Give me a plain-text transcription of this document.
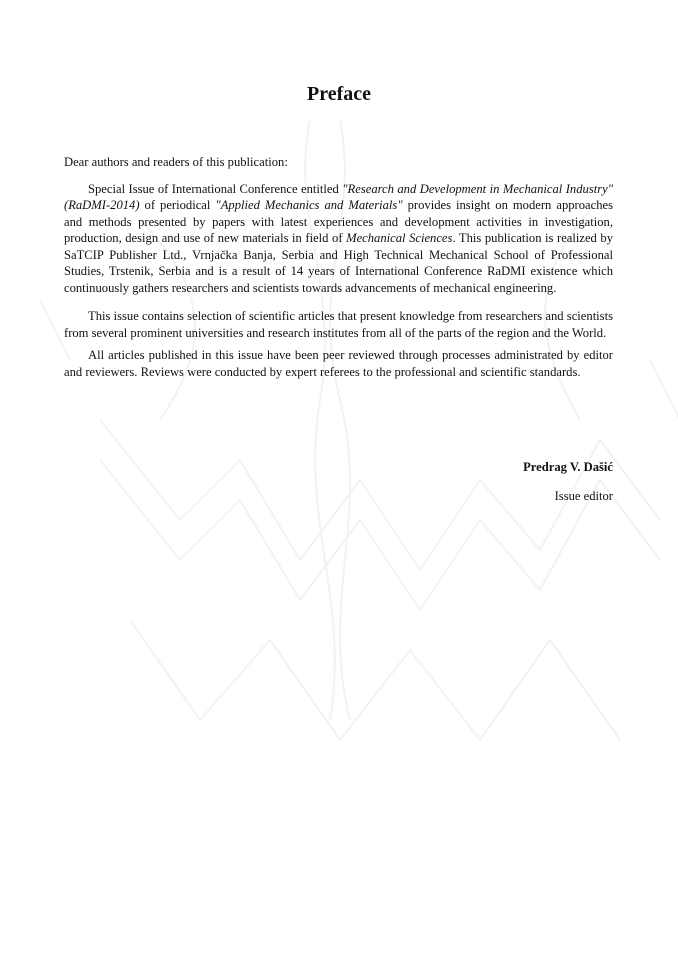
Preface

Dear authors and readers of this publication:

Special Issue of International Conference entitled "Research and Development in Mechanical Industry" (RaDMI-2014) of periodical "Applied Mechanics and Materials" provides insight on modern approaches and methods presented by papers with latest experiences and development activities in investigation, production, design and use of new materials in field of Mechanical Sciences. This publication is realized by SaTCIP Publisher Ltd., Vrnjačka Banja, Serbia and High Technical Mechanical School of Professional Studies, Trstenik, Serbia and is a result of 14 years of International Conference RaDMI existence which continuously gathers researchers and scientists towards advancements of mechanical engineering.

This issue contains selection of scientific articles that present knowledge from researchers and scientists from several prominent universities and research institutes from all of the parts of the region and the World.

All articles published in this issue have been peer reviewed through processes administrated by editor and reviewers. Reviews were conducted by expert referees to the professional and scientific standards.

Predrag V. Dašić

Issue editor
